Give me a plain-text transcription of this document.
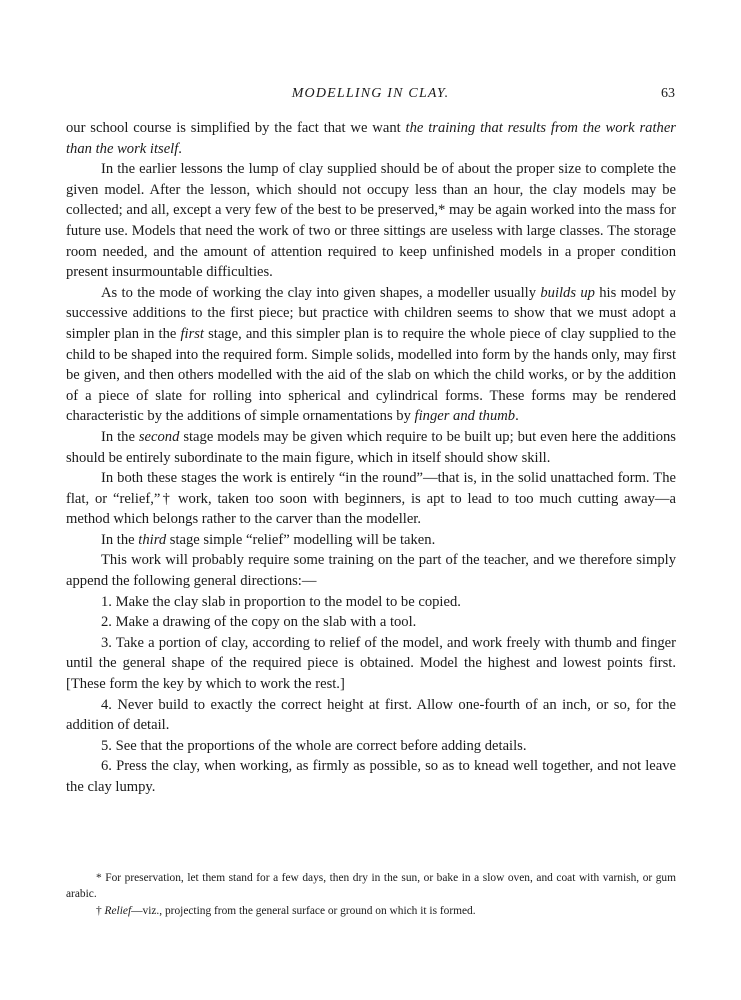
MODELLING IN CLAY.	63

our school course is simplified by the fact that we want the training that results from the work rather than the work itself.

In the earlier lessons the lump of clay supplied should be of about the proper size to complete the given model. After the lesson, which should not occupy less than an hour, the clay models may be collected; and all, except a very few of the best to be preserved,* may be again worked into the mass for future use. Models that need the work of two or three sittings are useless with large classes. The storage room needed, and the amount of attention required to keep unfinished models in a proper condition present insurmountable difficulties.

As to the mode of working the clay into given shapes, a modeller usually builds up his model by successive additions to the first piece; but practice with children seems to show that we must adopt a simpler plan in the first stage, and this simpler plan is to require the whole piece of clay supplied to the child to be shaped into the required form. Simple solids, modelled into form by the hands only, may first be given, and then others modelled with the aid of the slab on which the child works, or by the addition of a piece of slate for rolling into spherical and cylindrical forms. These forms may be rendered characteristic by the additions of simple ornamentations by finger and thumb.

In the second stage models may be given which require to be built up; but even here the additions should be entirely subordinate to the main figure, which in itself should show skill.

In both these stages the work is entirely “in the round”—that is, in the solid unattached form. The flat, or “relief,”† work, taken too soon with beginners, is apt to lead to too much cutting away—a method which belongs rather to the carver than the modeller.

In the third stage simple “relief” modelling will be taken.

This work will probably require some training on the part of the teacher, and we therefore simply append the following general directions:—

1. Make the clay slab in proportion to the model to be copied.

2. Make a drawing of the copy on the slab with a tool.

3. Take a portion of clay, according to relief of the model, and work freely with thumb and finger until the general shape of the required piece is obtained. Model the highest and lowest points first. [These form the key by which to work the rest.]

4. Never build to exactly the correct height at first. Allow one-fourth of an inch, or so, for the addition of detail.

5. See that the proportions of the whole are correct before adding details.

6. Press the clay, when working, as firmly as possible, so as to knead well together, and not leave the clay lumpy.

* For preservation, let them stand for a few days, then dry in the sun, or bake in a slow oven, and coat with varnish, or gum arabic.

† Relief—viz., projecting from the general surface or ground on which it is formed.
